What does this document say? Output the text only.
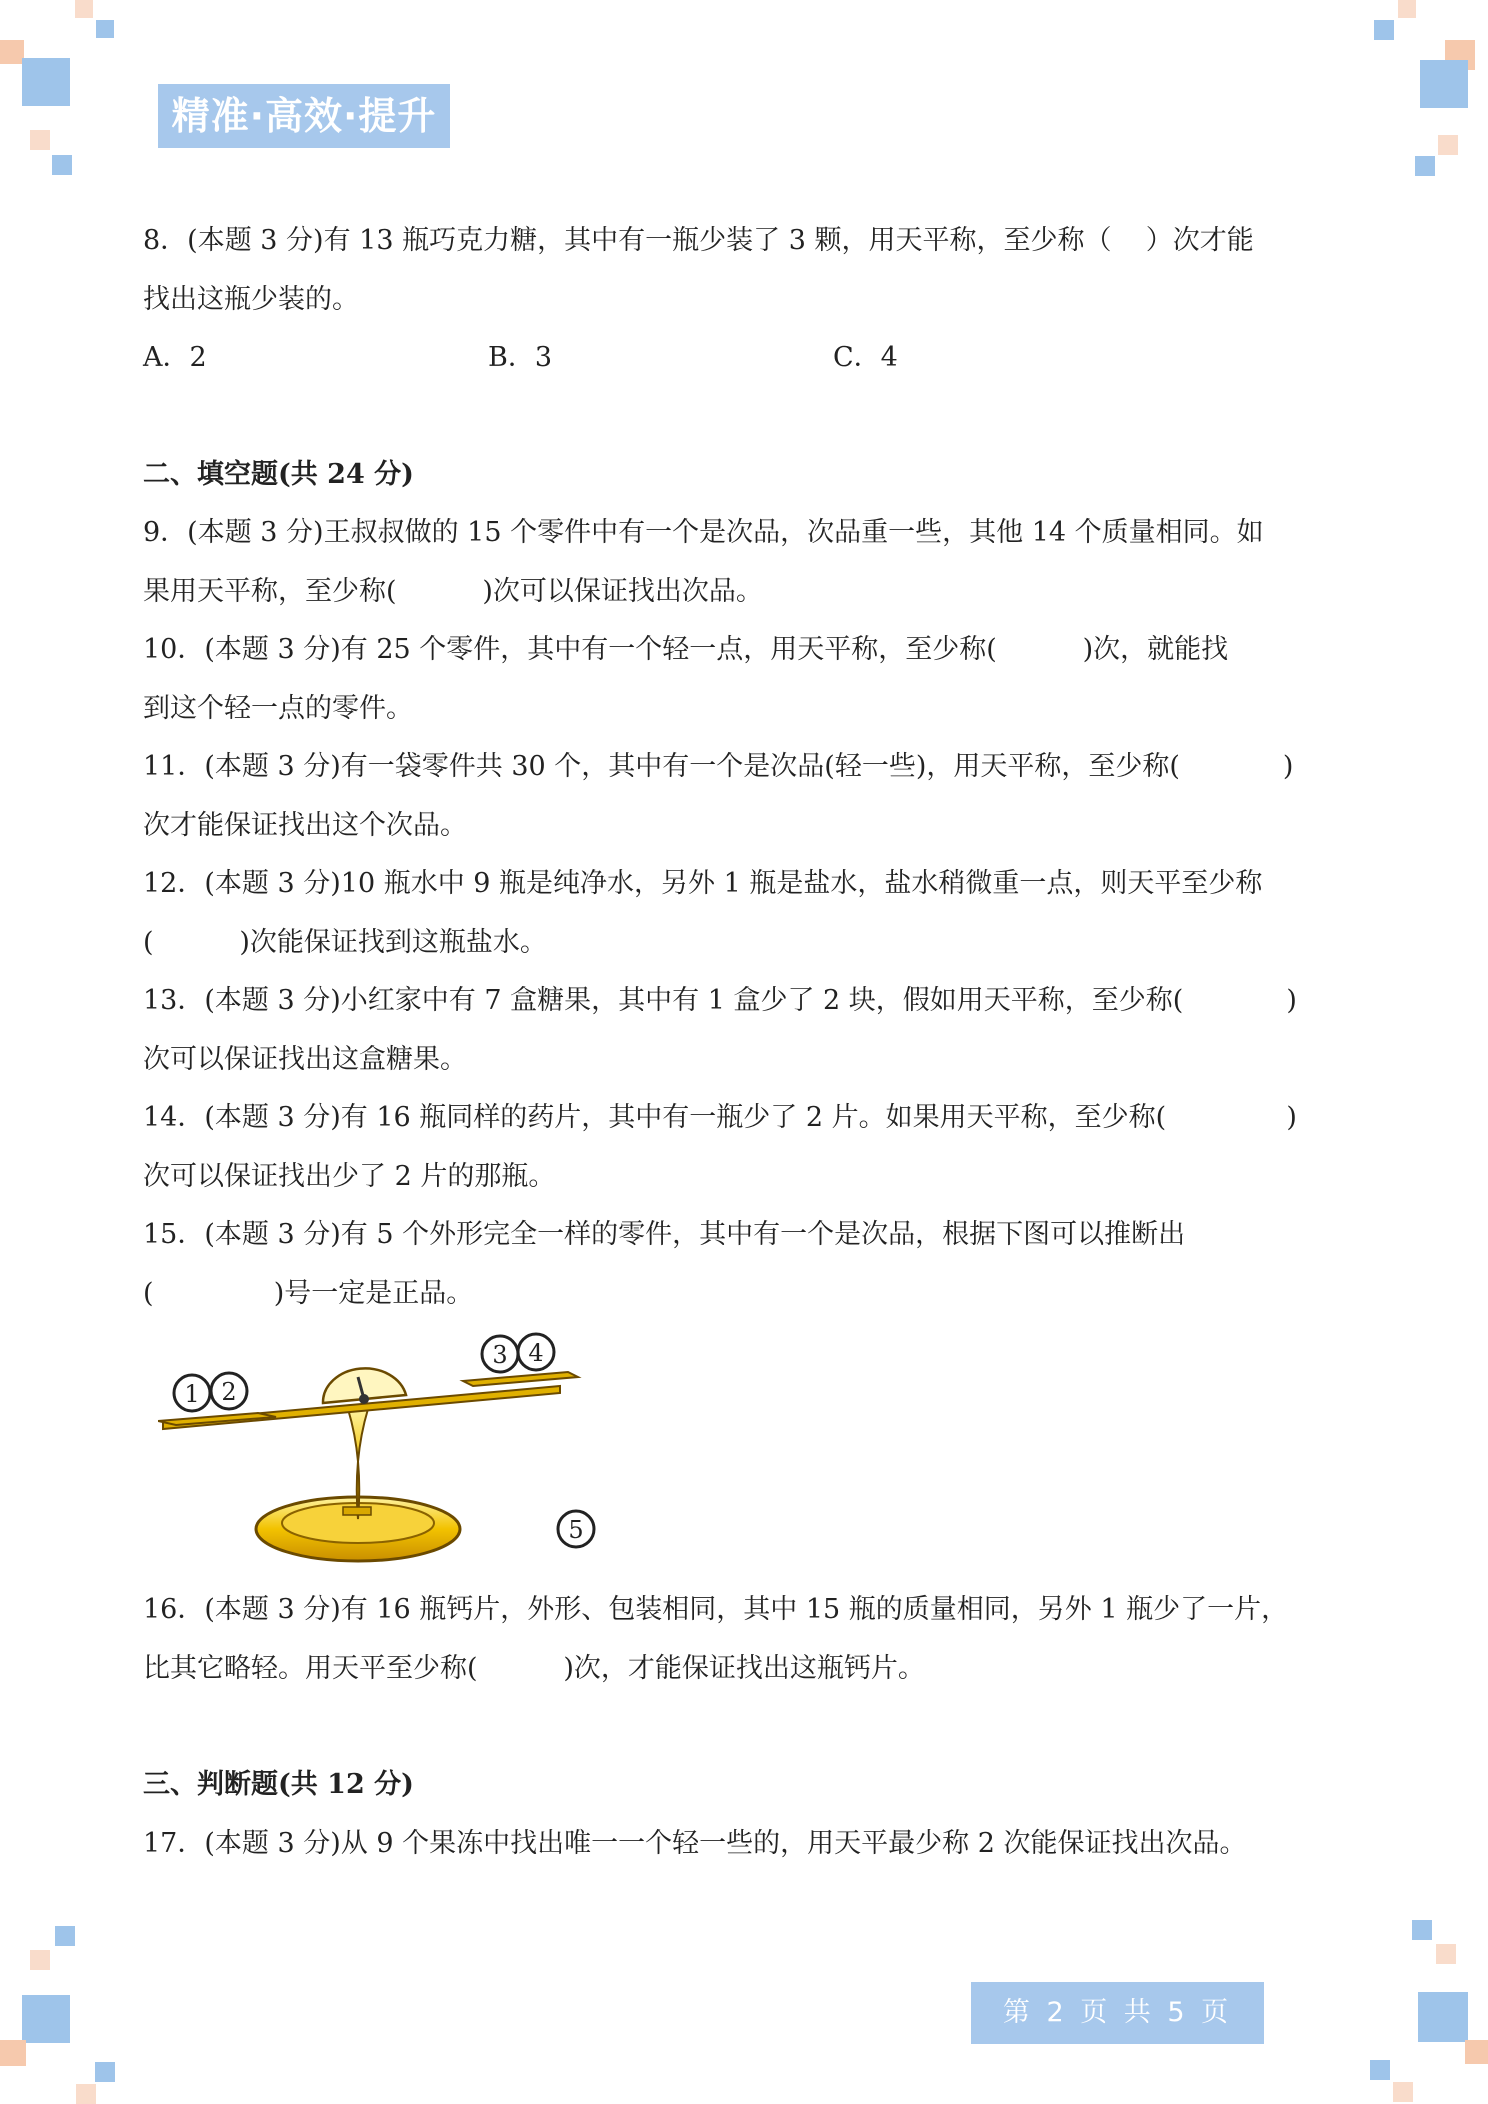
精准·高效·提升

8．(本题 3 分)有 13 瓶巧克力糖，其中有一瓶少装了 3 颗，用天平称，至少称（    ）次才能

找出这瓶少装的。

A．2	B．3	C．4
二、填空题(共 24 分)

9．(本题 3 分)王叔叔做的 15 个零件中有一个是次品，次品重一些，其他 14 个质量相同。如

果用天平称，至少称(          )次可以保证找出次品。

10．(本题 3 分)有 25 个零件，其中有一个轻一点，用天平称，至少称(          )次，就能找

到这个轻一点的零件。

11．(本题 3 分)有一袋零件共 30 个，其中有一个是次品(轻一些)，用天平称，至少称(            )

次才能保证找出这个次品。

12．(本题 3 分)10 瓶水中 9 瓶是纯净水，另外 1 瓶是盐水，盐水稍微重一点，则天平至少称

(          )次能保证找到这瓶盐水。

13．(本题 3 分)小红家中有 7 盒糖果，其中有 1 盒少了 2 块，假如用天平称，至少称(            )

次可以保证找出这盒糖果。

14．(本题 3 分)有 16 瓶同样的药片，其中有一瓶少了 2 片。如果用天平称，至少称(              )

次可以保证找出少了 2 片的那瓶。

15．(本题 3 分)有 5 个外形完全一样的零件，其中有一个是次品，根据下图可以推断出

(              )号一定是正品。

1 2
3 4
5

16．(本题 3 分)有 16 瓶钙片，外形、包装相同，其中 15 瓶的质量相同，另外 1 瓶少了一片，

比其它略轻。用天平至少称(          )次，才能保证找出这瓶钙片。

三、判断题(共 12 分)

17．(本题 3 分)从 9 个果冻中找出唯一一个轻一些的，用天平最少称 2 次能保证找出次品。

第 2 页 共 5 页
